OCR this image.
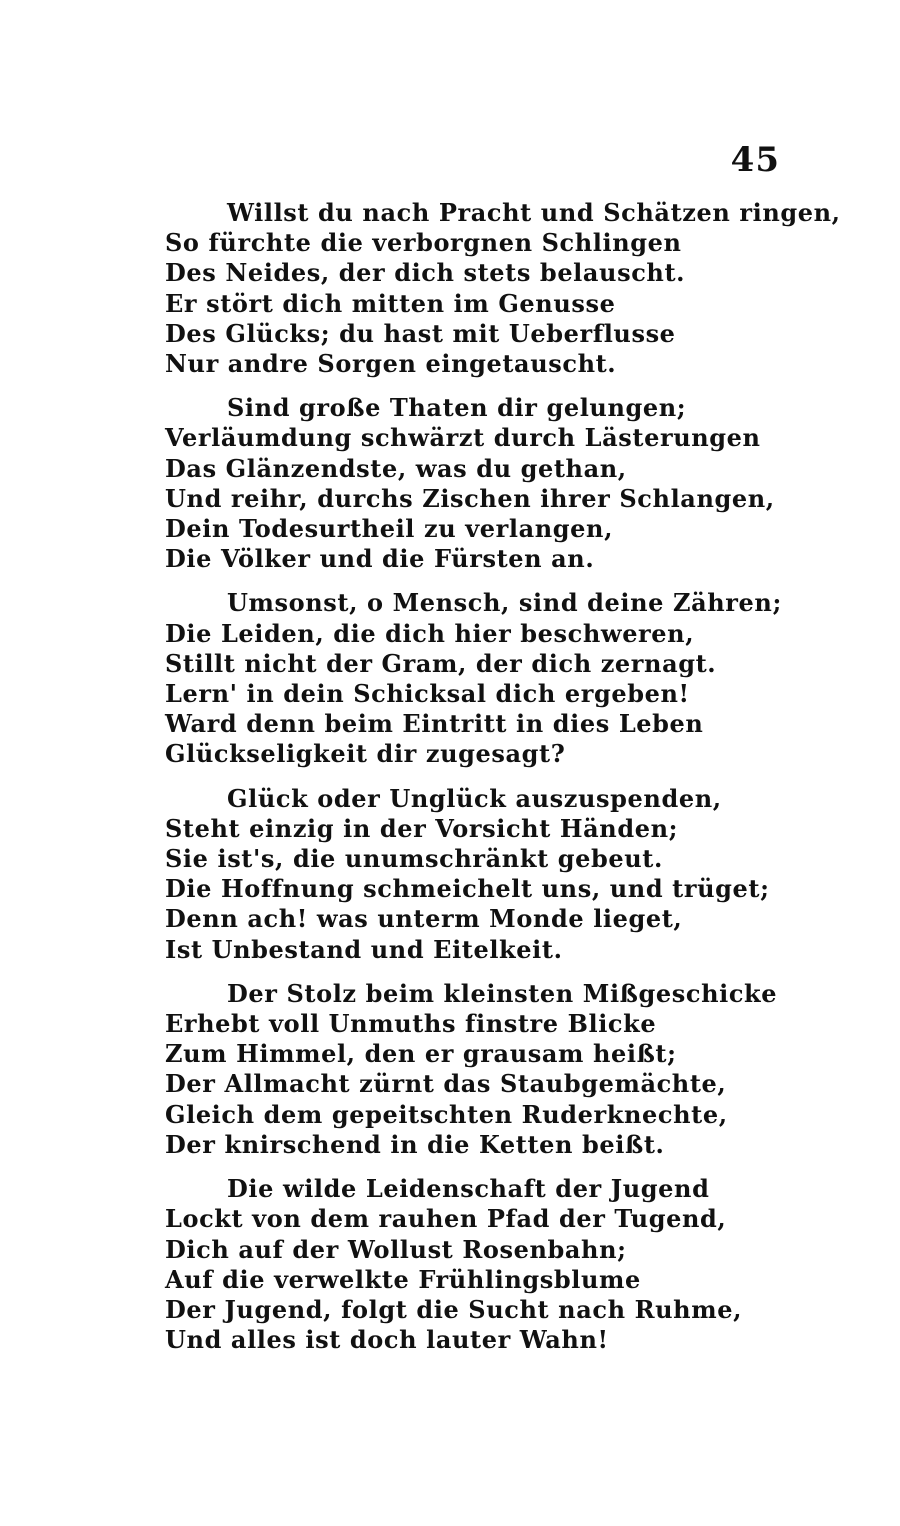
45
Willst du nach Pracht und Schätzen ringen,
So fürchte die verborgnen Schlingen
Des Neides, der dich stets belauscht.
Er stört dich mitten im Genusse
Des Glücks; du hast mit Ueberflusse
Nur andre Sorgen eingetauscht.
Sind große Thaten dir gelungen;
Verläumdung schwärzt durch Lästerungen
Das Glänzendste, was du gethan,
Und reihr, durchs Zischen ihrer Schlangen,
Dein Todesurtheil zu verlangen,
Die Völker und die Fürsten an.
Umsonst, o Mensch, sind deine Zähren;
Die Leiden, die dich hier beschweren,
Stillt nicht der Gram, der dich zernagt.
Lern' in dein Schicksal dich ergeben!
Ward denn beim Eintritt in dies Leben
Glückseligkeit dir zugesagt?
Glück oder Unglück auszuspenden,
Steht einzig in der Vorsicht Händen;
Sie ist's, die unumschränkt gebeut.
Die Hoffnung schmeichelt uns, und trüget;
Denn ach! was unterm Monde lieget,
Ist Unbestand und Eitelkeit.
Der Stolz beim kleinsten Mißgeschicke
Erhebt voll Unmuths finstre Blicke
Zum Himmel, den er grausam heißt;
Der Allmacht zürnt das Staubgemächte,
Gleich dem gepeitschten Ruderknechte,
Der knirschend in die Ketten beißt.
Die wilde Leidenschaft der Jugend
Lockt von dem rauhen Pfad der Tugend,
Dich auf der Wollust Rosenbahn;
Auf die verwelkte Frühlingsblume
Der Jugend, folgt die Sucht nach Ruhme,
Und alles ist doch lauter Wahn!
